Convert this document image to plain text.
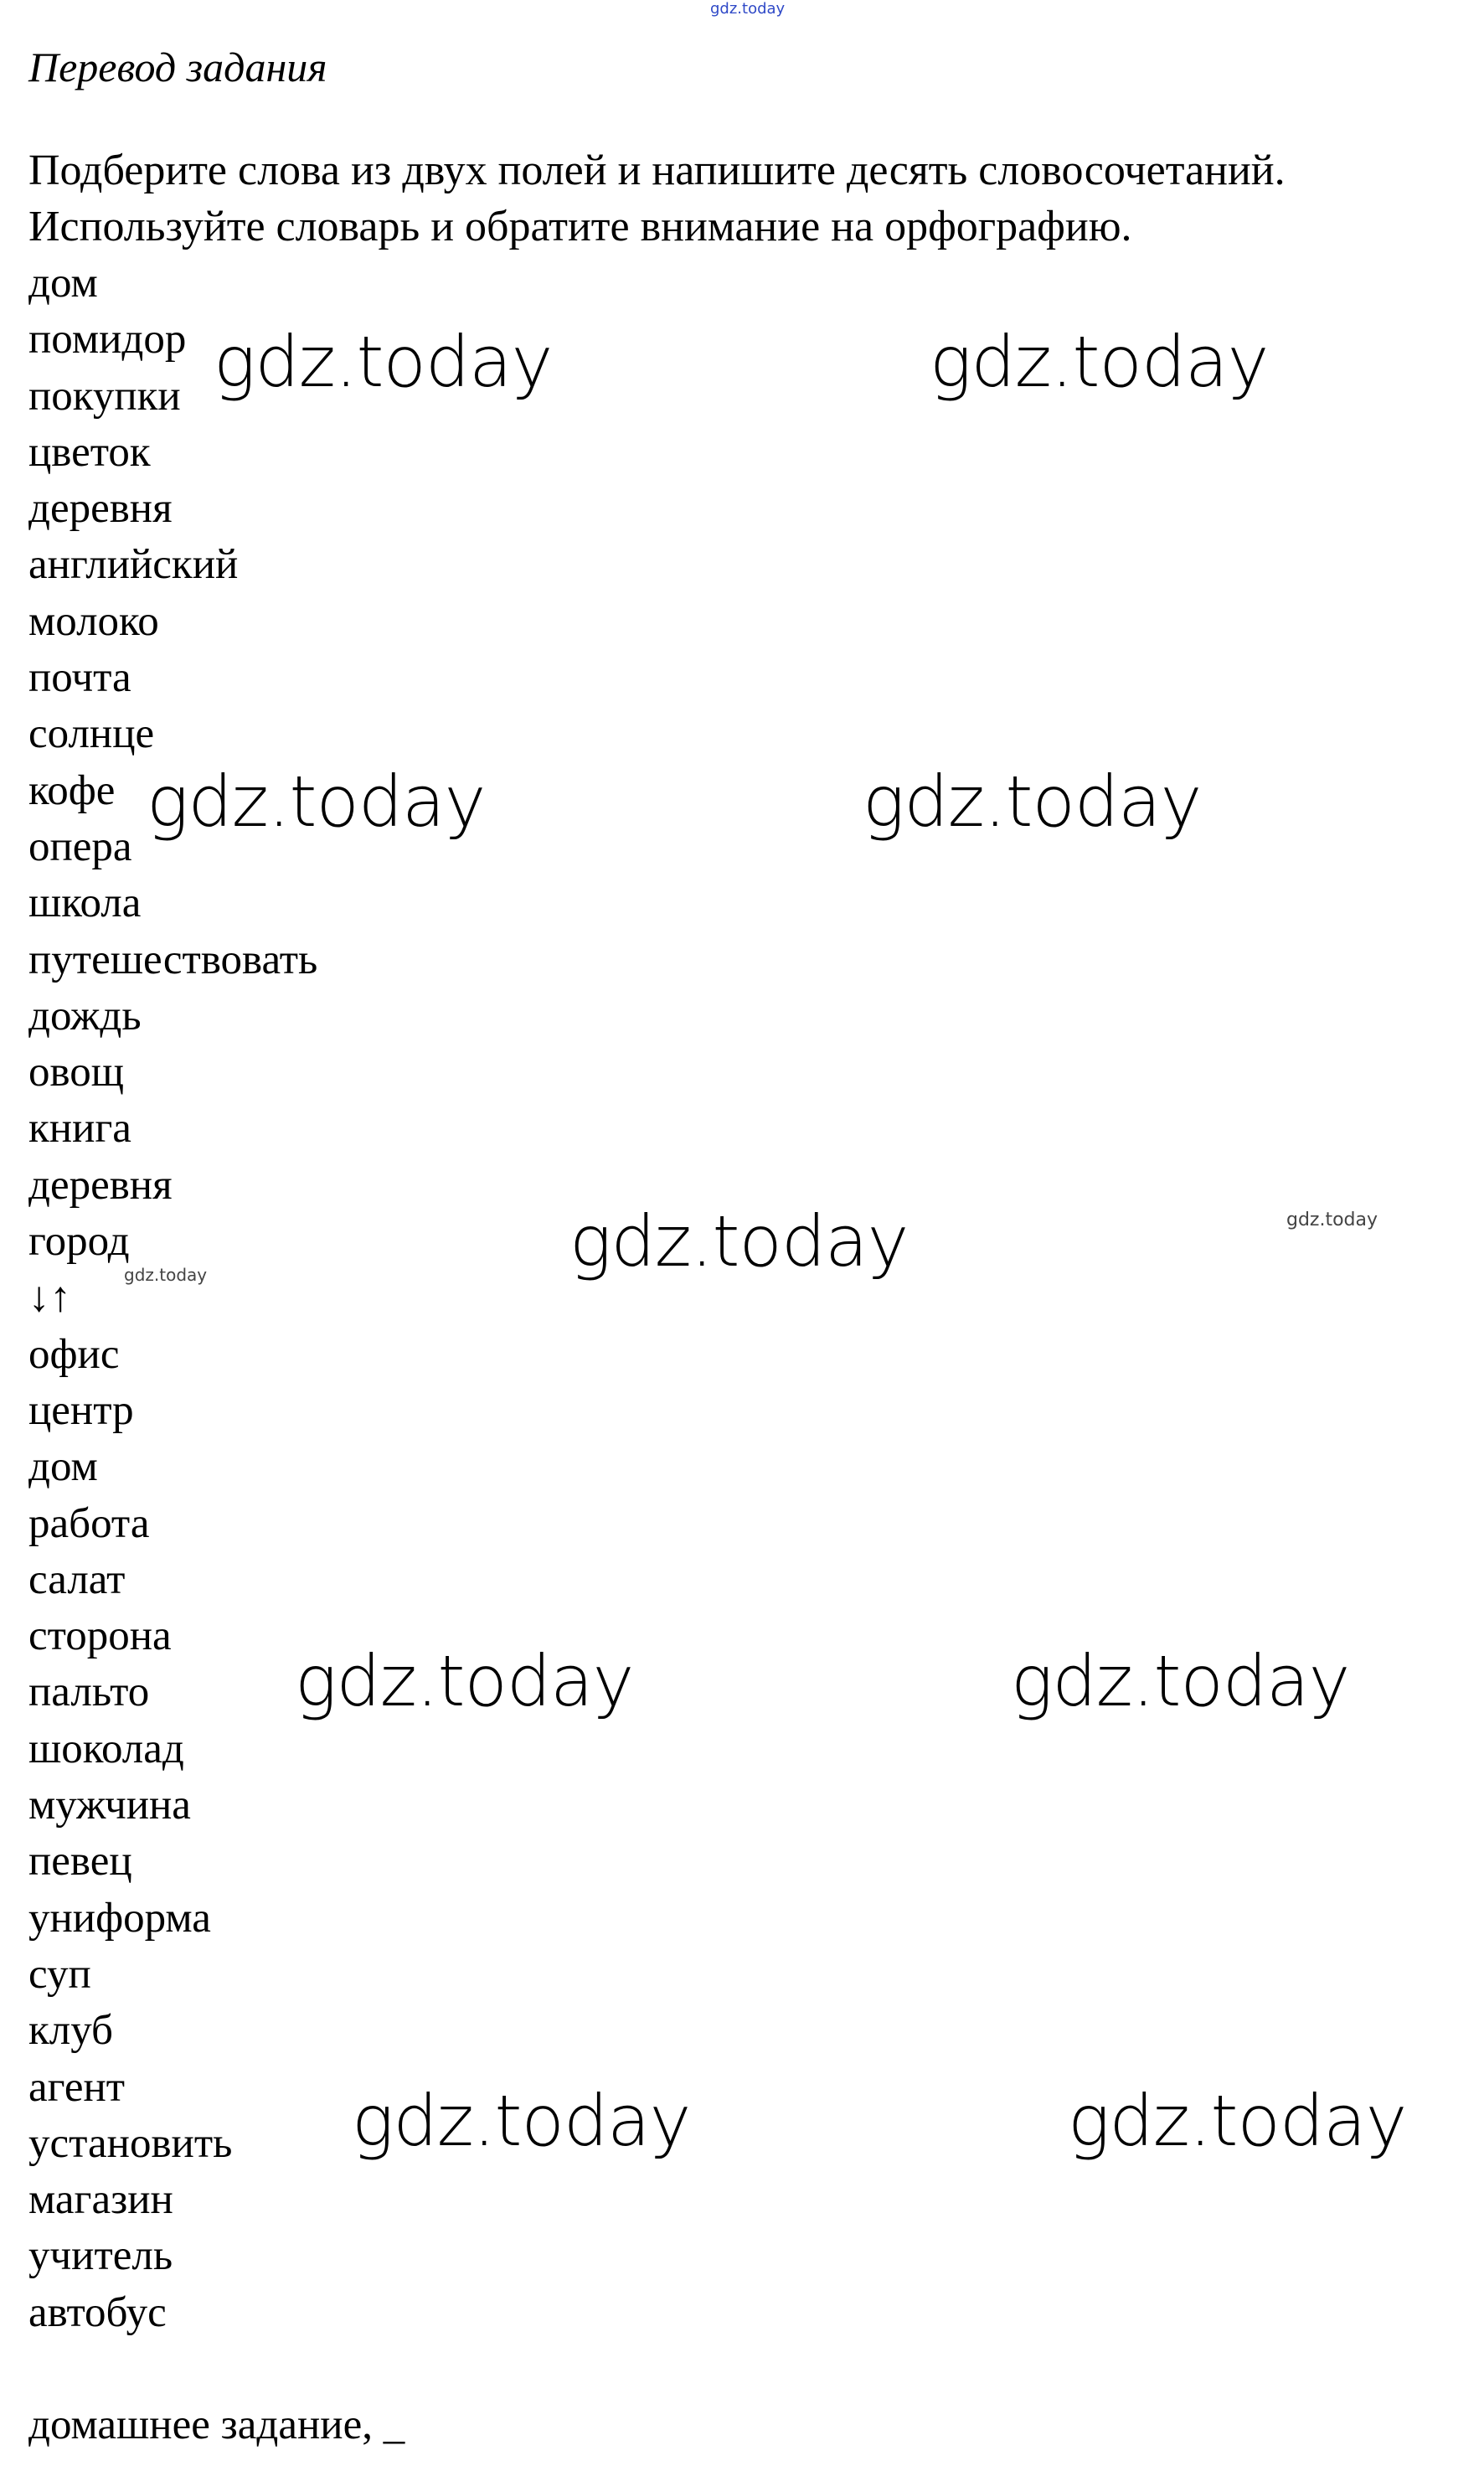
gdz.today
Перевод задания
Подберите слова из двух полей и напишите десять словосочетаний.
Используйте словарь и обратите внимание на орфографию.
дом
помидор
покупки
цветок
деревня
английский
молоко
почта
солнце
кофе
опера
школа
путешествовать
дождь
овощ
книга
деревня
город
↓↑
офис
центр
дом
работа
салат
сторона
пальто
шоколад
мужчина
певец
униформа
суп
клуб
агент
установить
магазин
учитель
автобус
домашнее задание, _
gdz.today	gdz.today
gdz.today	gdz.today
gdz.today	gdz.today
gdz.today
gdz.today	gdz.today
gdz.today	gdz.today
